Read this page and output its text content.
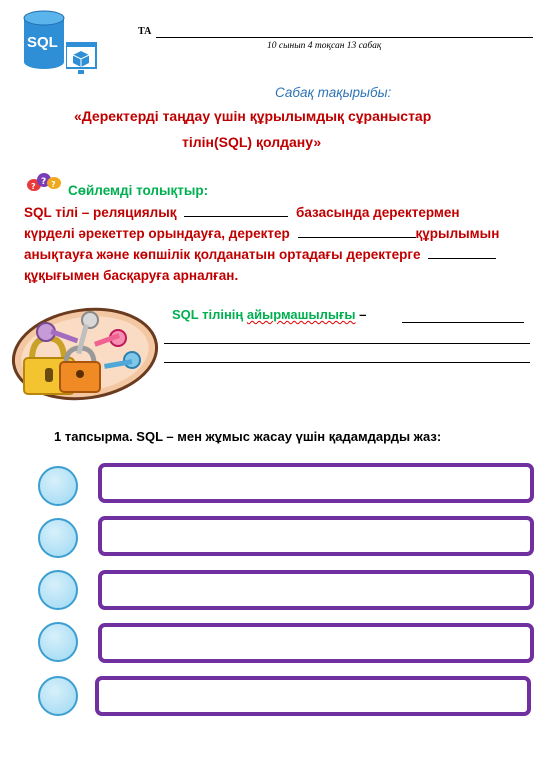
SQL
ТА
10 сынып 4 тоқсан 13 сабақ
Сабақ тақырыбы:
«Деректерді таңдау үшін құрылымдық сұраныстар
тілін(SQL) қолдану»
? ?
? Сөйлемді толықтыр:
SQL тілі – реляциялық	базасында деректермен
күрделі әрекеттер орындауға, деректер	құрылымын
анықтауға және көпшілік қолданатын ортадағы деректерге
құқығымен басқаруға арналған.
SQL тілінің айырмашылығы –
1 тапсырма. SQL – мен жұмыс жасау үшін қадамдарды жаз:
